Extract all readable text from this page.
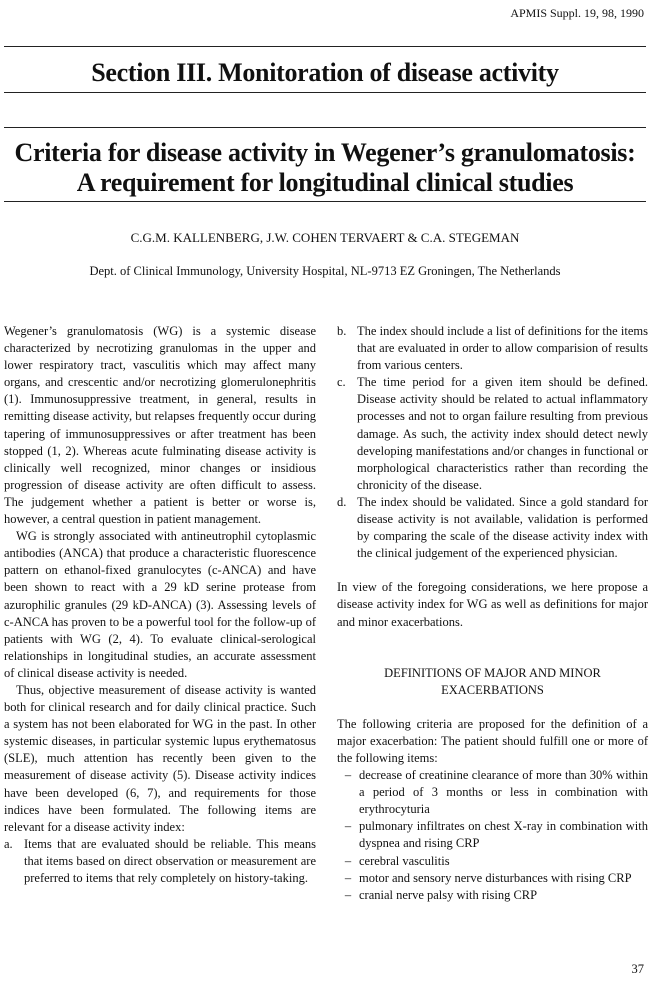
APMIS Suppl. 19, 98, 1990
Section III. Monitoration of disease activity
Criteria for disease activity in Wegener’s granulomatosis:
A requirement for longitudinal clinical studies
C.G.M. KALLENBERG, J.W. COHEN TERVAERT & C.A. STEGEMAN
Dept. of Clinical Immunology, University Hospital, NL-9713 EZ Groningen, The Netherlands

Wegener’s granulomatosis (WG) is a systemic disease characterized by necrotizing granulomas in the upper and lower respiratory tract, vasculitis which may affect many organs, and crescentic and/or necrotizing glomerulonephritis (1). Immunosuppressive treatment, in general, results in remitting disease activity, but relapses frequently occur during tapering of immunosuppressives or after treatment has been stopped (1, 2). Whereas acute fulminating disease activity is clinically well recognized, minor changes or insidious progression of disease activity are often difficult to assess. The judgement whether a patient is better or worse is, however, a central question in patient management.

WG is strongly associated with antineutrophil cytoplasmic antibodies (ANCA) that produce a characteristic fluorescence pattern on ethanol-fixed granulocytes (c-ANCA) and have been shown to react with a 29 kD serine protease from azurophilic granules (29 kD-ANCA) (3). Assessing levels of c-ANCA has proven to be a powerful tool for the follow-up of patients with WG (2, 4). To evaluate clinical-serological relationships in longitudinal studies, an accurate assessment of clinical disease activity is needed.

Thus, objective measurement of disease activity is wanted both for clinical research and for daily clinical practice. Such a system has not been elaborated for WG in the past. In other systemic diseases, in particular systemic lupus erythematosus (SLE), much attention has recently been given to the measurement of disease activity (5). Disease activity indices have been developed (6, 7), and requirements for those indices have been formulated. The following items are relevant for a disease activity index:

a. Items that are evaluated should be reliable. This means that items based on direct observation or measurement are preferred to items that rely completely on history-taking.
b. The index should include a list of definitions for the items that are evaluated in order to allow comparision of results from various centers.
c. The time period for a given item should be defined. Disease activity should be related to actual inflammatory processes and not to organ failure resulting from previous damage. As such, the activity index should detect newly developing manifestations and/or changes in functional or morphological characteristics rather than recording the chronicity of the disease.
d. The index should be validated. Since a gold standard for disease activity is not available, validation is performed by comparing the scale of the disease activity index with the clinical judgement of the experienced physician.

In view of the foregoing considerations, we here propose a disease activity index for WG as well as definitions for major and minor exacerbations.

DEFINITIONS OF MAJOR AND MINOR
EXACERBATIONS

The following criteria are proposed for the definition of a major exacerbation: The patient should fulfill one or more of the following items:

– decrease of creatinine clearance of more than 30% within a period of 3 months or less in combination with erythrocyturia
– pulmonary infiltrates on chest X-ray in combination with dyspnea and rising CRP
– cerebral vasculitis
– motor and sensory nerve disturbances with rising CRP
– cranial nerve palsy with rising CRP
37
